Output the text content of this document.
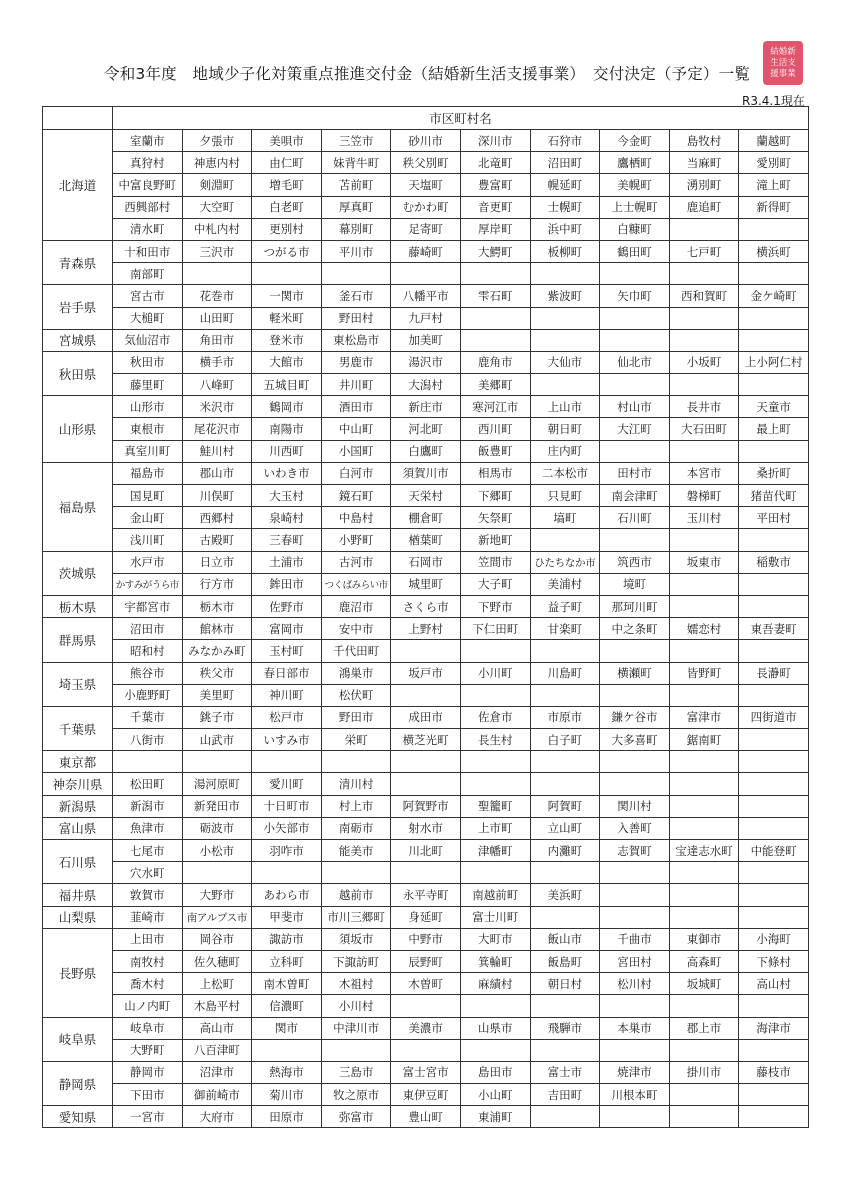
令和3年度　地域少子化対策重点推進交付金（結婚新生活支援事業）　交付決定（予定）一覧
結婚新
生活支
援事業
R3.4.1現在
	市区町村名									
北海道	室蘭市	夕張市	美唄市	三笠市	砂川市	深川市	石狩市	今金町	島牧村	蘭越町
	真狩村	神恵内村	由仁町	妹背牛町	秩父別町	北竜町	沼田町	鷹栖町	当麻町	愛別町
	中富良野町	剣淵町	増毛町	苫前町	天塩町	豊富町	幌延町	美幌町	湧別町	滝上町
	西興部村	大空町	白老町	厚真町	むかわ町	音更町	士幌町	上士幌町	鹿追町	新得町
	清水町	中札内村	更別村	幕別町	足寄町	厚岸町	浜中町	白糠町		
青森県	十和田市	三沢市	つがる市	平川市	藤崎町	大鰐町	板柳町	鶴田町	七戸町	横浜町
	南部町									
岩手県	宮古市	花巻市	一関市	釜石市	八幡平市	雫石町	紫波町	矢巾町	西和賀町	金ケ崎町
	大槌町	山田町	軽米町	野田村	九戸村					
宮城県	気仙沼市	角田市	登米市	東松島市	加美町					
秋田県	秋田市	横手市	大館市	男鹿市	湯沢市	鹿角市	大仙市	仙北市	小坂町	上小阿仁村
	藤里町	八峰町	五城目町	井川町	大潟村	美郷町				
山形県	山形市	米沢市	鶴岡市	酒田市	新庄市	寒河江市	上山市	村山市	長井市	天童市
	東根市	尾花沢市	南陽市	中山町	河北町	西川町	朝日町	大江町	大石田町	最上町
	真室川町	鮭川村	川西町	小国町	白鷹町	飯豊町	庄内町			
福島県	福島市	郡山市	いわき市	白河市	須賀川市	相馬市	二本松市	田村市	本宮市	桑折町
	国見町	川俣町	大玉村	鏡石町	天栄村	下郷町	只見町	南会津町	磐梯町	猪苗代町
	金山町	西郷村	泉崎村	中島村	棚倉町	矢祭町	塙町	石川町	玉川村	平田村
	浅川町	古殿町	三春町	小野町	楢葉町	新地町				
茨城県	水戸市	日立市	土浦市	古河市	石岡市	笠間市	ひたちなか市	筑西市	坂東市	稲敷市
	かすみがうら市	行方市	鉾田市	つくばみらい市	城里町	大子町	美浦村	境町		
栃木県	宇都宮市	栃木市	佐野市	鹿沼市	さくら市	下野市	益子町	那珂川町		
群馬県	沼田市	館林市	富岡市	安中市	上野村	下仁田町	甘楽町	中之条町	嬬恋村	東吾妻町
	昭和村	みなかみ町	玉村町	千代田町						
埼玉県	熊谷市	秩父市	春日部市	鴻巣市	坂戸市	小川町	川島町	横瀬町	皆野町	長瀞町
	小鹿野町	美里町	神川町	松伏町						
千葉県	千葉市	銚子市	松戸市	野田市	成田市	佐倉市	市原市	鎌ケ谷市	富津市	四街道市
	八街市	山武市	いすみ市	栄町	横芝光町	長生村	白子町	大多喜町	鋸南町	
東京都										
神奈川県	松田町	湯河原町	愛川町	清川村						
新潟県	新潟市	新発田市	十日町市	村上市	阿賀野市	聖籠町	阿賀町	関川村		
富山県	魚津市	砺波市	小矢部市	南砺市	射水市	上市町	立山町	入善町		
石川県	七尾市	小松市	羽咋市	能美市	川北町	津幡町	内灘町	志賀町	宝達志水町	中能登町
	穴水町									
福井県	敦賀市	大野市	あわら市	越前市	永平寺町	南越前町	美浜町			
山梨県	韮崎市	南アルプス市	甲斐市	市川三郷町	身延町	富士川町				
長野県	上田市	岡谷市	諏訪市	須坂市	中野市	大町市	飯山市	千曲市	東御市	小海町
	南牧村	佐久穂町	立科町	下諏訪町	辰野町	箕輪町	飯島町	宮田村	高森町	下條村
	喬木村	上松町	南木曽町	木祖村	木曽町	麻績村	朝日村	松川村	坂城町	高山村
	山ノ内町	木島平村	信濃町	小川村						
岐阜県	岐阜市	高山市	関市	中津川市	美濃市	山県市	飛騨市	本巣市	郡上市	海津市
	大野町	八百津町								
静岡県	静岡市	沼津市	熱海市	三島市	富士宮市	島田市	富士市	焼津市	掛川市	藤枝市
	下田市	御前崎市	菊川市	牧之原市	東伊豆町	小山町	吉田町	川根本町		
愛知県	一宮市	大府市	田原市	弥富市	豊山町	東浦町				
